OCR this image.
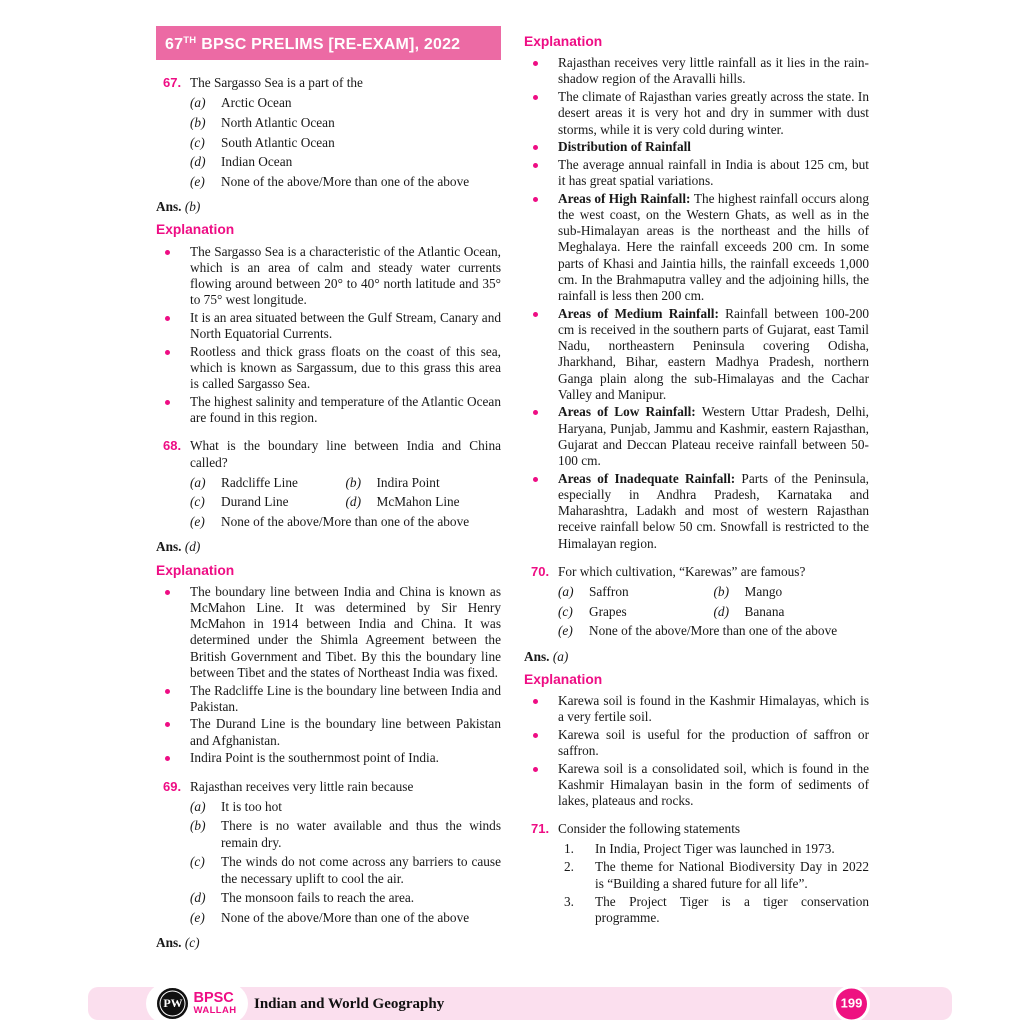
67TH BPSC PRELIMS [RE-EXAM], 2022
67. The Sargasso Sea is a part of the
(a)	Arctic Ocean
(b)	North Atlantic Ocean
(c)	South Atlantic Ocean
(d)	Indian Ocean
(e)	None of the above/More than one of the above
Ans. (b)
Explanation
The Sargasso Sea is a characteristic of the Atlantic Ocean, which is an area of calm and steady water currents flowing around between 20° to 40° north latitude and 35° to 75° west longitude.
It is an area situated between the Gulf Stream, Canary and North Equatorial Currents.
Rootless and thick grass floats on the coast of this sea, which is known as Sargassum, due to this grass this area is called Sargasso Sea.
The highest salinity and temperature of the Atlantic Ocean are found in this region.
68. What is the boundary line between India and China called?
(a)	Radcliffe Line	(b)	Indira Point
(c)	Durand Line	(d)	McMahon Line
(e)	None of the above/More than one of the above
Ans. (d)
Explanation
The boundary line between India and China is known as McMahon Line. It was determined by Sir Henry McMahon in 1914 between India and China. It was determined under the Shimla Agreement between the British Government and Tibet. By this the boundary line between Tibet and the states of Northeast India was fixed.
The Radcliffe Line is the boundary line between India and Pakistan.
The Durand Line is the boundary line between Pakistan and Afghanistan.
Indira Point is the southernmost point of India.
69. Rajasthan receives very little rain because
(a)	It is too hot
(b)	There is no water available and thus the winds remain dry.
(c)	The winds do not come across any barriers to cause the necessary uplift to cool the air.
(d)	The monsoon fails to reach the area.
(e)	None of the above/More than one of the above
Ans. (c)
Explanation
Rajasthan receives very little rainfall as it lies in the rain-shadow region of the Aravalli hills.
The climate of Rajasthan varies greatly across the state. In desert areas it is very hot and dry in summer with dust storms, while it is very cold during winter.
Distribution of Rainfall
The average annual rainfall in India is about 125 cm, but it has great spatial variations.
Areas of High Rainfall: The highest rainfall occurs along the west coast, on the Western Ghats, as well as in the sub-Himalayan areas is the northeast and the hills of Meghalaya. Here the rainfall exceeds 200 cm. In some parts of Khasi and Jaintia hills, the rainfall exceeds 1,000 cm. In the Brahmaputra valley and the adjoining hills, the rainfall is less then 200 cm.
Areas of Medium Rainfall: Rainfall between 100-200 cm is received in the southern parts of Gujarat, east Tamil Nadu, northeastern Peninsula covering Odisha, Jharkhand, Bihar, eastern Madhya Pradesh, northern Ganga plain along the sub-Himalayas and the Cachar Valley and Manipur.
Areas of Low Rainfall: Western Uttar Pradesh, Delhi, Haryana, Punjab, Jammu and Kashmir, eastern Rajasthan, Gujarat and Deccan Plateau receive rainfall between 50-100 cm.
Areas of Inadequate Rainfall: Parts of the Peninsula, especially in Andhra Pradesh, Karnataka and Maharashtra, Ladakh and most of western Rajasthan receive rainfall below 50 cm. Snowfall is restricted to the Himalayan region.
70. For which cultivation, “Karewas” are famous?
(a)	Saffron	(b)	Mango
(c)	Grapes	(d)	Banana
(e)	None of the above/More than one of the above
Ans. (a)
Explanation
Karewa soil is found in the Kashmir Himalayas, which is a very fertile soil.
Karewa soil is useful for the production of saffron or saffron.
Karewa soil is a consolidated soil, which is found in the Kashmir Himalayan basin in the form of sediments of lakes, plateaus and rocks.
71. Consider the following statements
1.	In India, Project Tiger was launched in 1973.
2.	The theme for National Biodiversity Day in 2022 is “Building a shared future for all life”.
3.	The Project Tiger is a tiger conservation programme.
PW BPSC
WALLAH Indian and World Geography	199
